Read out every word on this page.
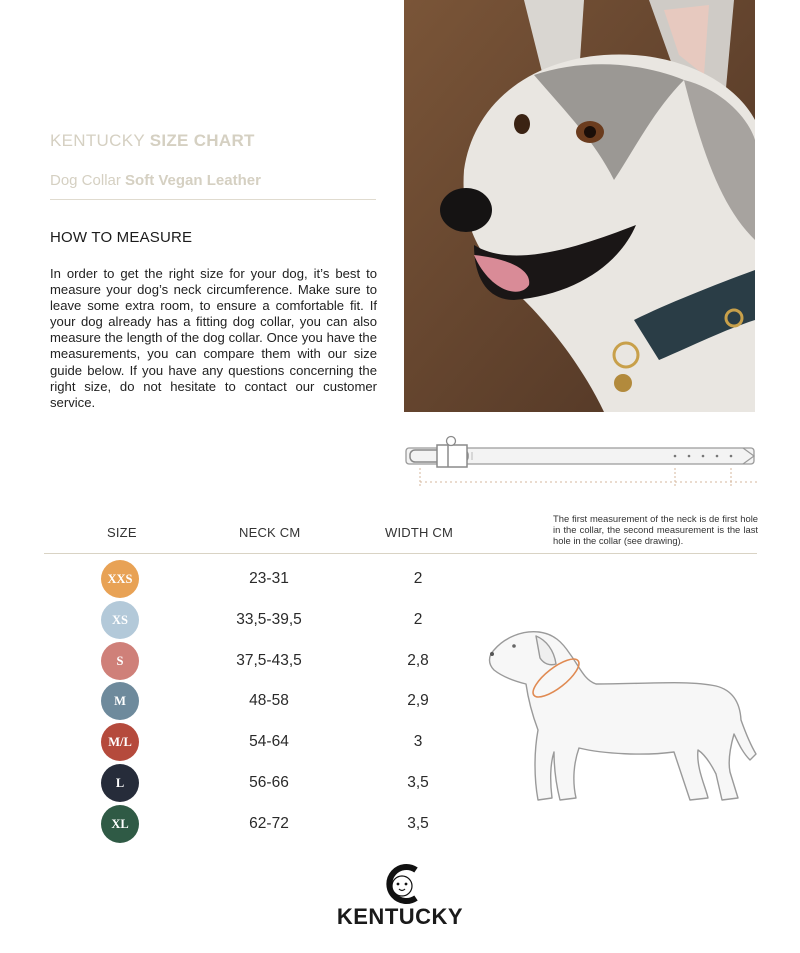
KENTUCKY SIZE CHART
Dog Collar Soft Vegan Leather
HOW TO MEASURE
In order to get the right size for your dog, it’s best to measure your dog’s neck circumference. Make sure to leave some extra room, to ensure a comfortable fit. If your dog already has a fitting dog collar, you can also measure the length of the dog collar. Once you have the measurements, you can compare them with our size guide below. If you have any questions concerning the right size, do not hesitate to contact our customer service.
SIZE	NECK CM	WIDTH CM
The first measurement of the neck is de first hole in the collar, the second measurement is the last hole in the collar (see drawing).
XXS	23-31	2
XS	33,5-39,5	2
S	37,5-43,5	2,8
M	48-58	2,9
M/L	54-64	3
L	56-66	3,5
XL	62-72	3,5
KENTUCKY
